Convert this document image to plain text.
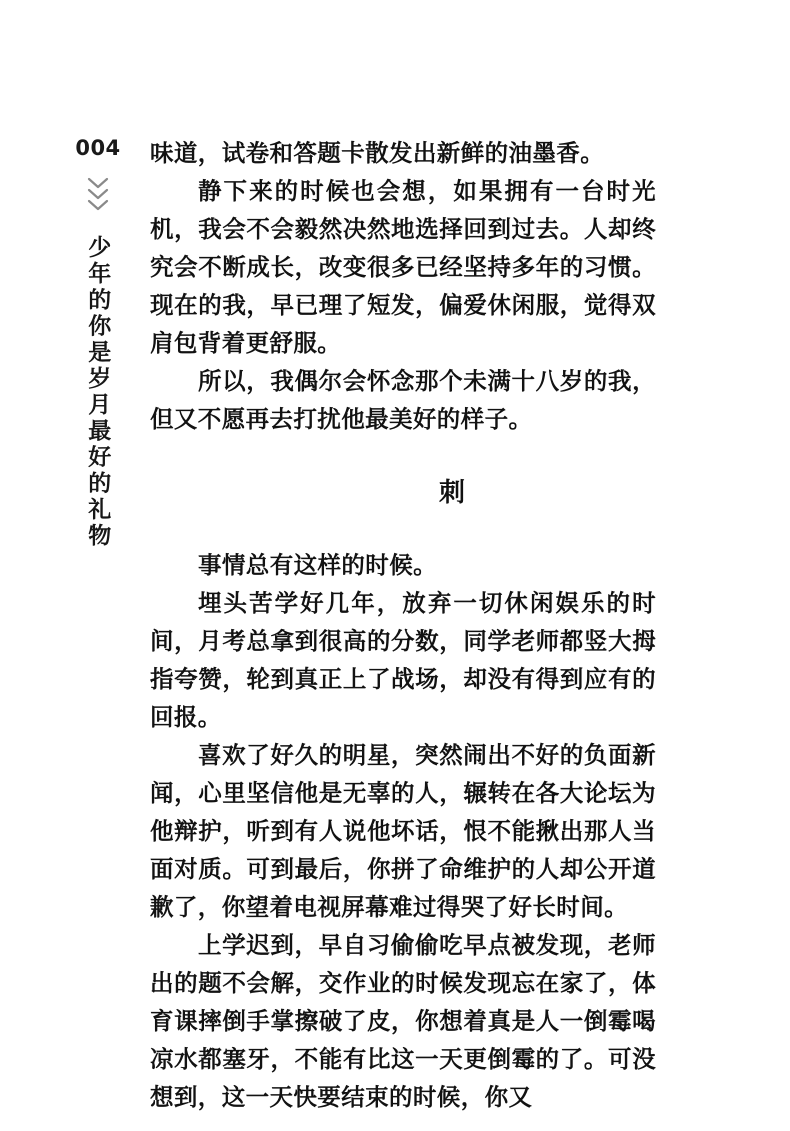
004
少年的你是岁月最好的礼物

味道，试卷和答题卡散发出新鲜的油墨香。

静下来的时候也会想，如果拥有一台时光机，我会不会毅然决然地选择回到过去。人却终究会不断成长，改变很多已经坚持多年的习惯。现在的我，早已理了短发，偏爱休闲服，觉得双肩包背着更舒服。

所以，我偶尔会怀念那个未满十八岁的我，但又不愿再去打扰他最美好的样子。

刺

事情总有这样的时候。

埋头苦学好几年，放弃一切休闲娱乐的时间，月考总拿到很高的分数，同学老师都竖大拇指夸赞，轮到真正上了战场，却没有得到应有的回报。

喜欢了好久的明星，突然闹出不好的负面新闻，心里坚信他是无辜的人，辗转在各大论坛为他辩护，听到有人说他坏话，恨不能揪出那人当面对质。可到最后，你拼了命维护的人却公开道歉了，你望着电视屏幕难过得哭了好长时间。

上学迟到，早自习偷偷吃早点被发现，老师出的题不会解，交作业的时候发现忘在家了，体育课摔倒手掌擦破了皮，你想着真是人一倒霉喝凉水都塞牙，不能有比这一天更倒霉的了。可没想到，这一天快要结束的时候，你又
